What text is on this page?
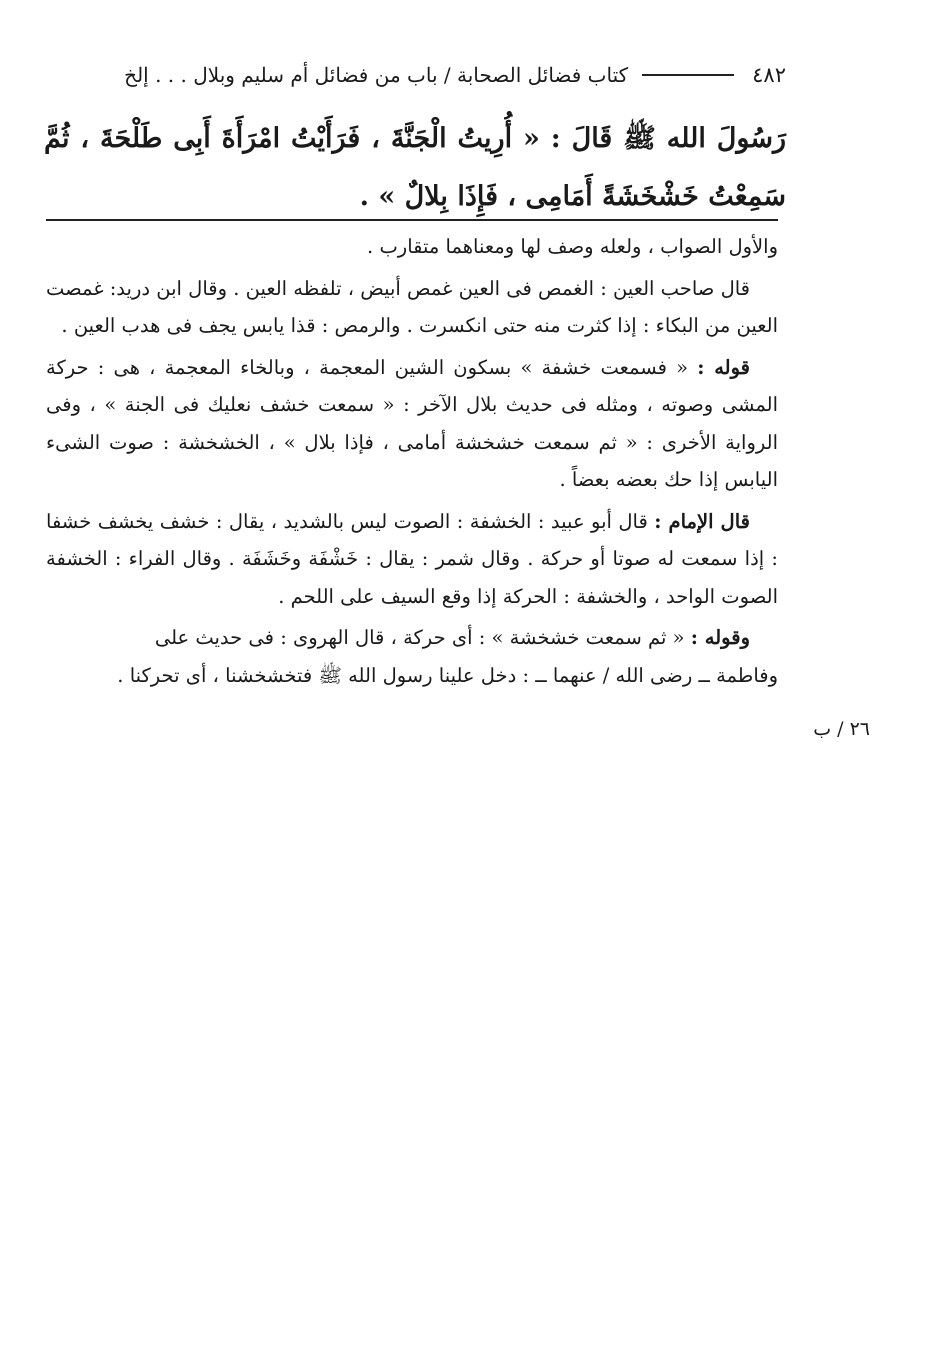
٤٨٢
كتاب فضائل الصحابة / باب من فضائل أم سليم وبلال . . . إلخ
رَسُولَ الله ﷺ قَالَ : « أُرِيتُ الْجَنَّةَ ، فَرَأَيْتُ امْرَأَةَ أَبِى طَلْحَةَ ، ثُمَّ سَمِعْتُ خَشْخَشَةً أَمَامِى ، فَإِذَا بِلالٌ » .

والأول الصواب ، ولعله وصف لها ومعناهما متقارب .

قال صاحب العين : الغمص فى العين غمص أبيض ، تلفظه العين . وقال ابن دريد: غمصت العين من البكاء : إذا كثرت منه حتى انكسرت . والرمص : قذا يابس يجف فى هدب العين .

قوله : « فسمعت خشفة » بسكون الشين المعجمة ، وبالخاء المعجمة ، هى : حركة المشى وصوته ، ومثله فى حديث بلال الآخر : « سمعت خشف نعليك فى الجنة » ، وفى الرواية الأخرى : « ثم سمعت خشخشة أمامى ، فإذا بلال » ، الخشخشة : صوت الشىء اليابس إذا حك بعضه بعضاً .

قال الإمام : قال أبو عبيد : الخشفة : الصوت ليس بالشديد ، يقال : خشف يخشف خشفا : إذا سمعت له صوتا أو حركة . وقال شمر : يقال : خَشْفَة وخَشَفَة . وقال الفراء : الخشفة الصوت الواحد ، والخشفة : الحركة إذا وقع السيف على اللحم .

وقوله : « ثم سمعت خشخشة » : أى حركة ، قال الهروى : فى حديث على

وفاطمة ــ رضى الله / عنهما ــ : دخل علينا رسول الله ﷺ فتخشخشنا ، أى تحركنا .

٢٦ / ب
